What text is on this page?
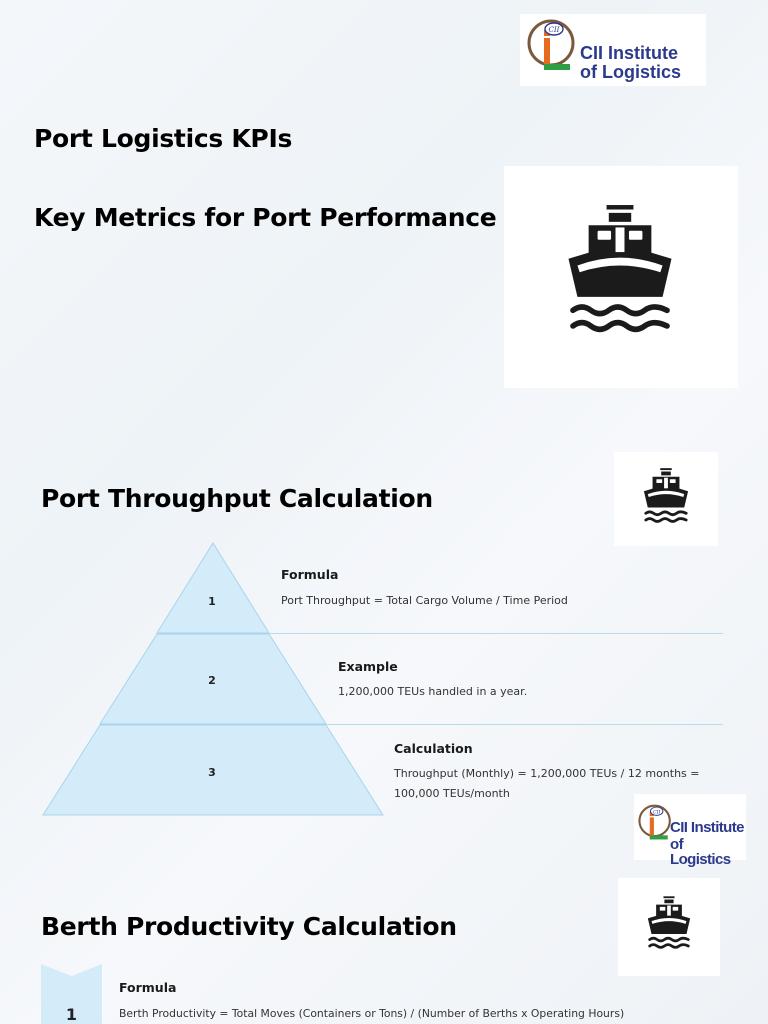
CII
CII Institute
of Logistics
Port Logistics KPIs
Key Metrics for Port Performance
Port Throughput Calculation
1
2
3
Formula
Port Throughput = Total Cargo Volume / Time Period
Example
1,200,000 TEUs handled in a year.
Calculation
Throughput (Monthly) = 1,200,000 TEUs / 12 months = 100,000 TEUs/month
CII
CII Institute
of Logistics
Berth Productivity Calculation
1
Formula
Berth Productivity = Total Moves (Containers or Tons) / (Number of Berths x Operating Hours)
